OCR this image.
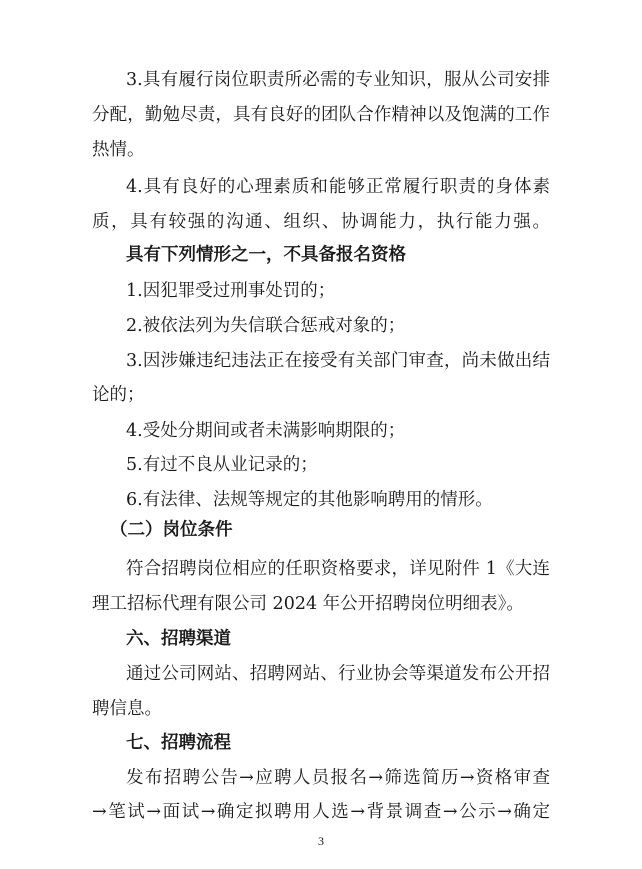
3.具有履行岗位职责所必需的专业知识，服从公司安排
分配，勤勉尽责，具有良好的团队合作精神以及饱满的工作
热情。
4.具有良好的心理素质和能够正常履行职责的身体素
质，具有较强的沟通、组织、协调能力，执行能力强。
具有下列情形之一，不具备报名资格
1.因犯罪受过刑事处罚的；
2.被依法列为失信联合惩戒对象的；
3.因涉嫌违纪违法正在接受有关部门审查，尚未做出结
论的；
4.受处分期间或者未满影响期限的；
5.有过不良从业记录的；
6.有法律、法规等规定的其他影响聘用的情形。
（二）岗位条件
符合招聘岗位相应的任职资格要求，详见附件 1《大连
理工招标代理有限公司 2024 年公开招聘岗位明细表》。
六、招聘渠道
通过公司网站、招聘网站、行业协会等渠道发布公开招
聘信息。
七、招聘流程
发布招聘公告→应聘人员报名→筛选简历→资格审查
→笔试→面试→确定拟聘用人选→背景调查→公示→确定
3
